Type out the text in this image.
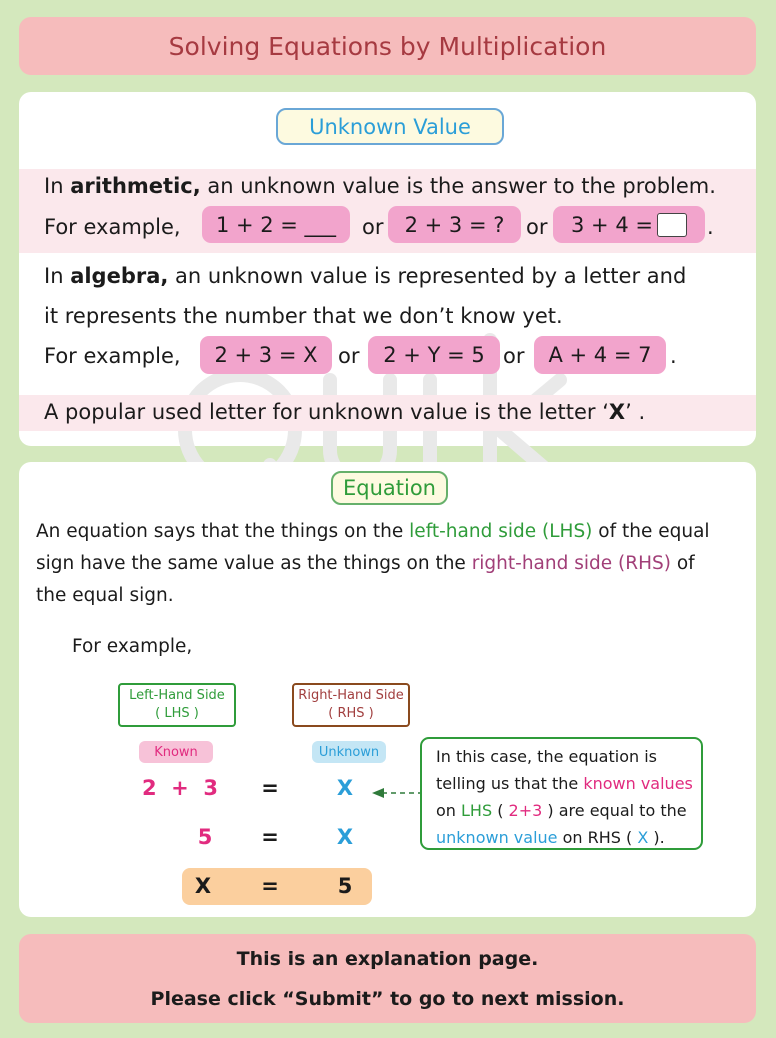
Solving Equations by Multiplication
Unknown Value
In arithmetic, an unknown value is the answer to the problem.
For example, 1 + 2 = ___ or 2 + 3 = ? or 3 + 4 =	.
In algebra, an unknown value is represented by a letter and
it represents the number that we don’t know yet.
For example, 2 + 3 = X or 2 + Y = 5 or A + 4 = 7 .
A popular used letter for unknown value is the letter ‘X’ .
Equation
An equation says that the things on the left-hand side (LHS) of the equal
sign have the same value as the things on the right-hand side (RHS) of
the equal sign.
For example,
Left-Hand Side
( LHS )
Right-Hand Side
( RHS )
Known	Unknown
2  +  3 =	X
5	=	X
X	=	5
In this case, the equation is
telling us that the known values
on LHS ( 2+3 ) are equal to the
unknown value on RHS ( X ).
This is an explanation page.
Please click “Submit” to go to next mission.
